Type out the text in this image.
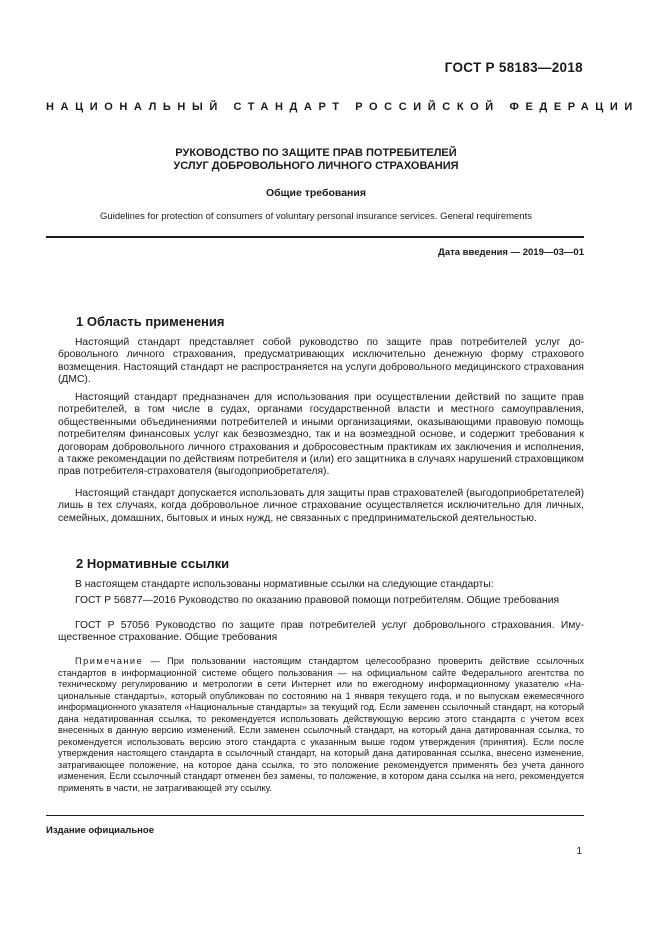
ГОСТ Р 58183—2018
НАЦИОНАЛЬНЫЙ СТАНДАРТ РОССИЙСКОЙ ФЕДЕРАЦИИ
РУКОВОДСТВО ПО ЗАЩИТЕ ПРАВ ПОТРЕБИТЕЛЕЙ
УСЛУГ ДОБРОВОЛЬНОГО ЛИЧНОГО СТРАХОВАНИЯ
Общие требования
Guidelines for protection of consumers of voluntary personal insurance services. General requirements
Дата введения — 2019—03—01
1 Область применения

Настоящий стандарт представляет собой руководство по защите прав потребителей услуг добровольного личного страхования, предусматривающих исключительно денежную форму страхового возмещения. Настоящий стандарт не распространяется на услуги добровольного медицинского страхования (ДМС).

Настоящий стандарт предназначен для использования при осуществлении действий по защите прав потребителей, в том числе в судах, органами государственной власти и местного самоуправления, общественными объединениями потребителей и иными организациями, оказывающими правовую помощь потребителям финансовых услуг как безвозмездно, так и на возмездной основе, и содержит требования к договорам добровольного личного страхования и добросовестным практикам их заключения и исполнения, а также рекомендации по действиям потребителя и (или) его защитника в случаях нарушений страховщиком прав потребителя-страхователя (выгодоприобретателя).

Настоящий стандарт допускается использовать для защиты прав страхователей (выгодоприобретателей) лишь в тех случаях, когда добровольное личное страхование осуществляется исключительно для личных, семейных, домашних, бытовых и иных нужд, не связанных с предпринимательской деятельностью.

2 Нормативные ссылки

В настоящем стандарте использованы нормативные ссылки на следующие стандарты:

ГОСТ Р 56877—2016 Руководство по оказанию правовой помощи потребителям. Общие требования

ГОСТ Р 57056 Руководство по защите прав потребителей услуг добровольного страхования. Имущественное страхование. Общие требования

Примечание — При пользовании настоящим стандартом целесообразно проверить действие ссылочных стандартов в информационной системе общего пользования — на официальном сайте Федерального агентства по техническому регулированию и метрологии в сети Интернет или по ежегодному информационному указателю «Национальные стандарты», который опубликован по состоянию на 1 января текущего года, и по выпускам ежемесячного информационного указателя «Национальные стандарты» за текущий год. Если заменен ссылочный стандарт, на который дана недатированная ссылка, то рекомендуется использовать действующую версию этого стандарта с учетом всех внесенных в данную версию изменений. Если заменен ссылочный стандарт, на который дана датированная ссылка, то рекомендуется использовать версию этого стандарта с указанным выше годом утверждения (принятия). Если после утверждения настоящего стандарта в ссылочный стандарт, на который дана датированная ссылка, внесено изменение, затрагивающее положение, на которое дана ссылка, то это положение рекомендуется применять без учета данного изменения. Если ссылочный стандарт отменен без замены, то положение, в котором дана ссылка на него, рекомендуется применять в части, не затрагивающей эту ссылку.

Издание официальное
1
